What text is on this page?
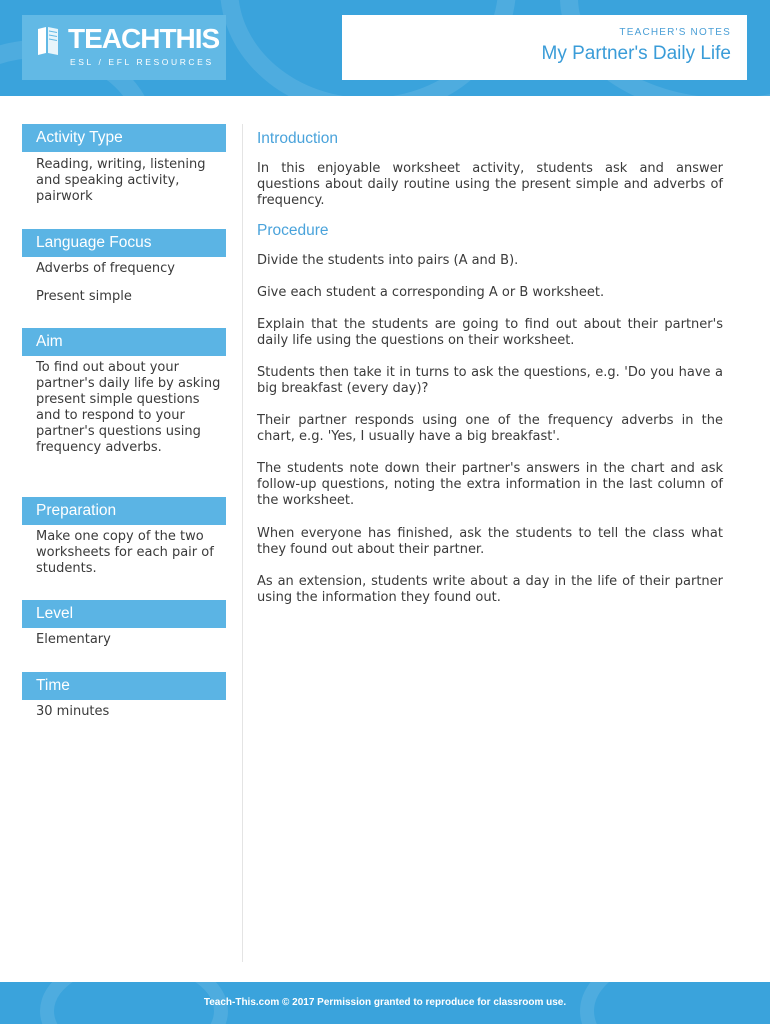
TEACHTHIS
ESL / EFL RESOURCES
TEACHER'S NOTES
My Partner's Daily Life
Activity Type
Reading, writing, listening and speaking activity, pairwork
Language Focus
Adverbs of frequency
Present simple
Aim
To find out about your partner's daily life by asking present simple questions and to respond to your partner's questions using frequency adverbs.
Preparation
Make one copy of the two worksheets for each pair of students.
Level
Elementary
Time
30 minutes
Introduction
In this enjoyable worksheet activity, students ask and answer questions about daily routine using the present simple and adverbs of frequency.
Procedure
Divide the students into pairs (A and B).
Give each student a corresponding A or B worksheet.
Explain that the students are going to find out about their partner's daily life using the questions on their worksheet.
Students then take it in turns to ask the questions, e.g. 'Do you have a big breakfast (every day)?
Their partner responds using one of the frequency adverbs in the chart, e.g. 'Yes, I usually have a big breakfast'.
The students note down their partner's answers in the chart and ask follow-up questions, noting the extra information in the last column of the worksheet.
When everyone has finished, ask the students to tell the class what they found out about their partner.
As an extension, students write about a day in the life of their partner using the information they found out.
Teach-This.com © 2017 Permission granted to reproduce for classroom use.
